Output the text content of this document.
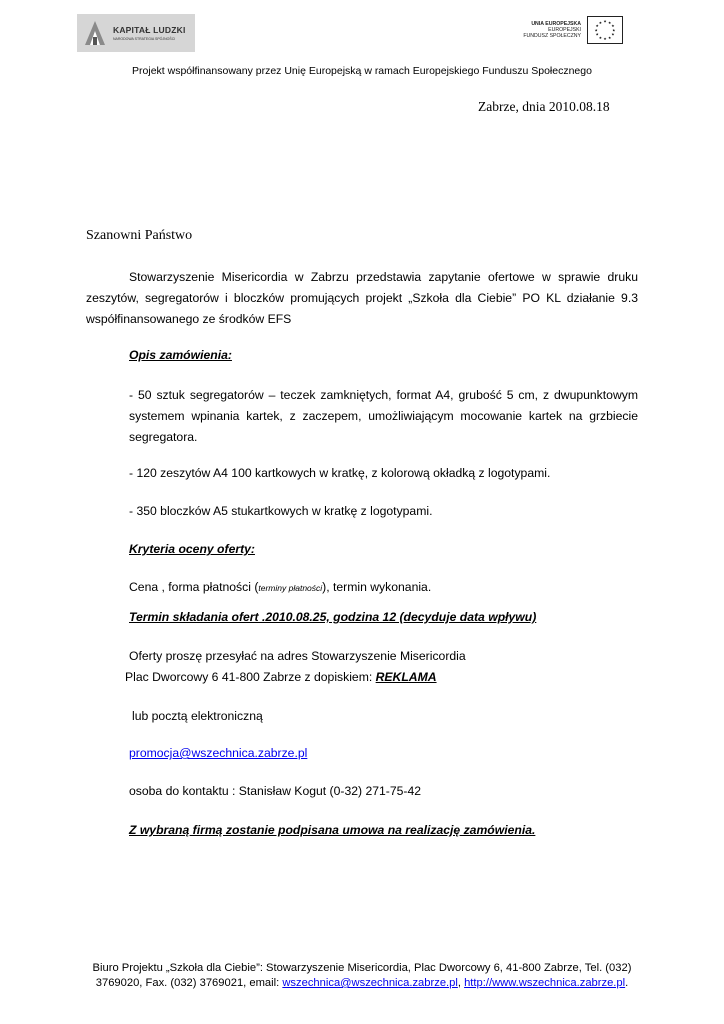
KAPITAŁ LUDZKI
NARODOWA STRATEGIA SPÓJNOŚCI
UNIA EUROPEJSKA
EUROPEJSKI
FUNDUSZ SPOŁECZNY
★ ★
★
★
★
★
★
★
★
★
★
★
Projekt współfinansowany przez Unię Europejską w ramach Europejskiego Funduszu Społecznego
Zabrze, dnia 2010.08.18
Szanowni Państwo
Stowarzyszenie Misericordia w Zabrzu przedstawia zapytanie ofertowe w sprawie druku zeszytów, segregatorów i bloczków promujących projekt „Szkoła dla Ciebie” PO KL działanie 9.3 współfinansowanego ze środków EFS
Opis zamówienia:
- 50 sztuk segregatorów – teczek zamkniętych, format A4, grubość 5 cm, z dwupunktowym systemem wpinania kartek, z zaczepem, umożliwiającym mocowanie kartek na grzbiecie segregatora.
- 120 zeszytów A4 100 kartkowych w kratkę, z kolorową okładką z logotypami.
- 350 bloczków A5 stukartkowych w kratkę z logotypami.
Kryteria oceny oferty:
Cena , forma płatności (terminy płatności), termin wykonania.
Termin składania ofert .2010.08.25, godzina 12 (decyduje data wpływu)
Oferty proszę przesyłać na adres Stowarzyszenie Misericordia
Plac Dworcowy 6 41-800 Zabrze z dopiskiem: REKLAMA
lub pocztą elektroniczną
promocja@wszechnica.zabrze.pl
osoba do kontaktu : Stanisław Kogut (0-32) 271-75-42
Z wybraną firmą zostanie podpisana umowa na realizację zamówienia.
Biuro Projektu „Szkoła dla Ciebie”: Stowarzyszenie Misericordia, Plac Dworcowy 6, 41-800 Zabrze, Tel. (032)
3769020, Fax. (032) 3769021, email: wszechnica@wszechnica.zabrze.pl, http://www.wszechnica.zabrze.pl.
